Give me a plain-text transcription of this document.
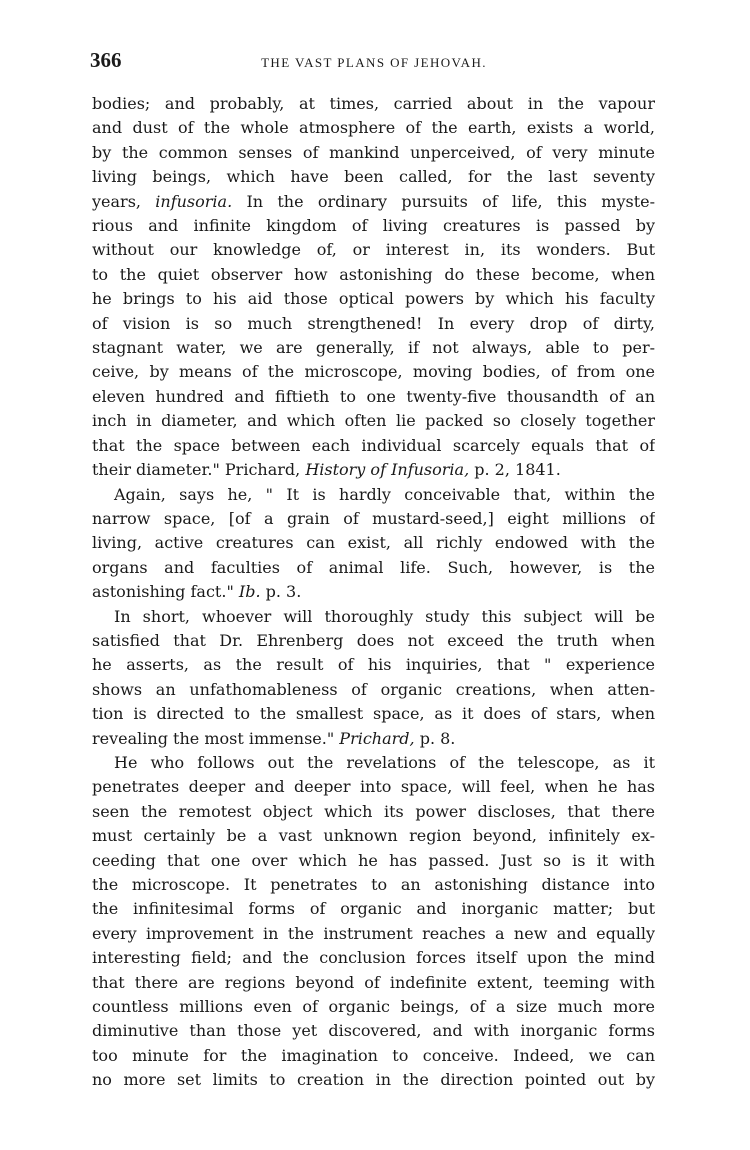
366	THE VAST PLANS OF JEHOVAH.
bodies; and probably, at times, carried about in the vapour
and dust of the whole atmosphere of the earth, exists a world,
by the common senses of mankind unperceived, of very minute
living beings, which have been called, for the last seventy
years, infusoria. In the ordinary pursuits of life, this myste-
rious and infinite kingdom of living creatures is passed by
without our knowledge of, or interest in, its wonders. But
to the quiet observer how astonishing do these become, when
he brings to his aid those optical powers by which his faculty
of vision is so much strengthened! In every drop of dirty,
stagnant water, we are generally, if not always, able to per-
ceive, by means of the microscope, moving bodies, of from one
eleven hundred and fiftieth to one twenty-five thousandth of an
inch in diameter, and which often lie packed so closely together
that the space between each individual scarcely equals that of
their diameter." Prichard, History of Infusoria, p. 2, 1841.
Again, says he, " It is hardly conceivable that, within the
narrow space, [of a grain of mustard-seed,] eight millions of
living, active creatures can exist, all richly endowed with the
organs and faculties of animal life. Such, however, is the
astonishing fact." Ib. p. 3.
In short, whoever will thoroughly study this subject will be
satisfied that Dr. Ehrenberg does not exceed the truth when
he asserts, as the result of his inquiries, that " experience
shows an unfathomableness of organic creations, when atten-
tion is directed to the smallest space, as it does of stars, when
revealing the most immense." Prichard, p. 8.
He who follows out the revelations of the telescope, as it
penetrates deeper and deeper into space, will feel, when he has
seen the remotest object which its power discloses, that there
must certainly be a vast unknown region beyond, infinitely ex-
ceeding that one over which he has passed. Just so is it with
the microscope. It penetrates to an astonishing distance into
the infinitesimal forms of organic and inorganic matter; but
every improvement in the instrument reaches a new and equally
interesting field; and the conclusion forces itself upon the mind
that there are regions beyond of indefinite extent, teeming with
countless millions even of organic beings, of a size much more
diminutive than those yet discovered, and with inorganic forms
too minute for the imagination to conceive. Indeed, we can
no more set limits to creation in the direction pointed out by
